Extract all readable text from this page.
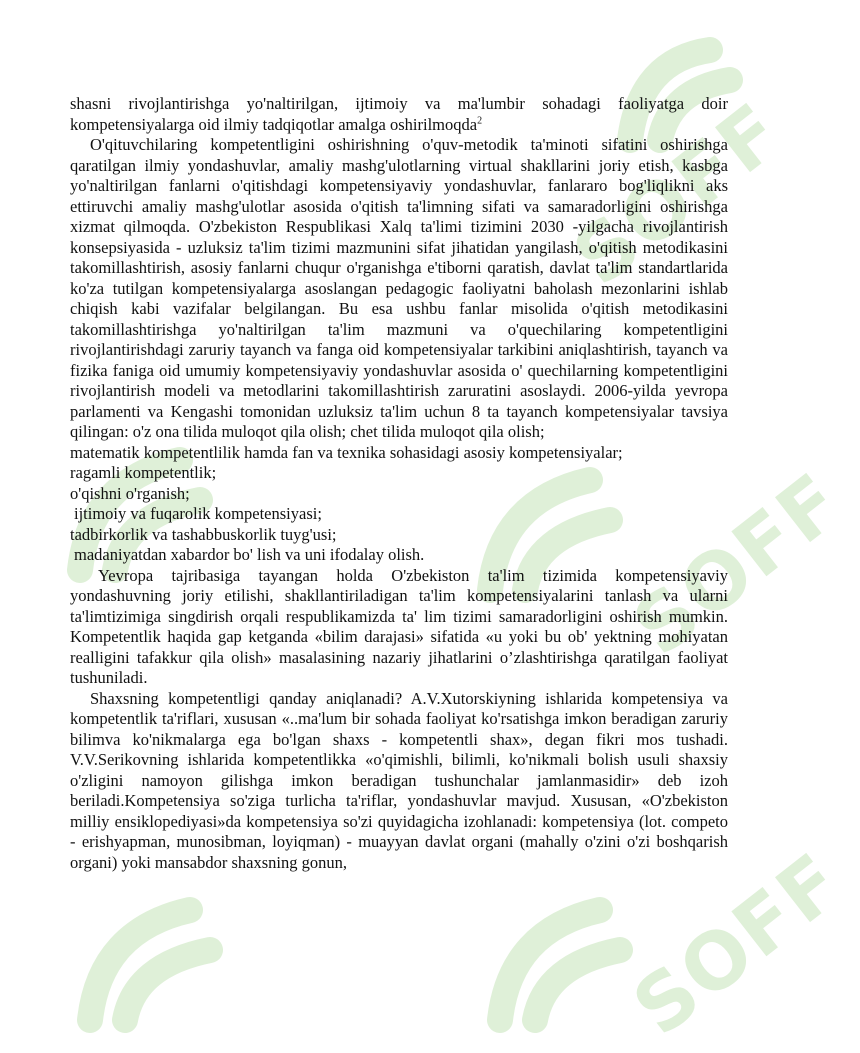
SOFF
SOFF
SOFF

shasni rivojlantirishga yo'naltirilgan, ijtimoiy va ma'lumbir sohadagi faoliyatga doir kompetensiyalarga oid ilmiy tadqiqotlar amalga oshirilmoqda$^2$

O'qituvchilaring kompetentligini oshirishning o'quv-metodik ta'minoti sifatini oshirishga qaratilgan ilmiy yondashuvlar, amaliy mashg'ulotlarning virtual shakllarini joriy etish, kasbga yo'naltirilgan fanlarni o'qitishdagi kompetensiyaviy yondashuvlar, fanlararo bog'liqlikni aks ettiruvchi amaliy mashg'ulotlar asosida o'qitish ta'limning sifati va samaradorligini oshirishga xizmat qilmoqda. O'zbekiston Respublikasi Xalq ta'limi tizimini 2030 -yilgacha rivojlantirish konsepsiyasida - uzluksiz ta'lim tizimi mazmunini sifat jihatidan yangilash, o'qitish metodikasini takomillashtirish, asosiy fanlarni chuqur o'rganishga e'tiborni qaratish, davlat ta'lim standartlarida ko'za tutilgan kompetensiyalarga asoslangan pedagogic faoliyatni baholash mezonlarini ishlab chiqish kabi vazifalar belgilangan. Bu esa ushbu fanlar misolida o'qitish metodikasini takomillashtirishga yo'naltirilgan ta'lim mazmuni va o'quechilaring kompetentligini rivojlantirishdagi zaruriy tayanch va fanga oid kompetensiyalar tarkibini aniqlashtirish, tayanch va fizika faniga oid umumiy kompetensiyaviy yondashuvlar asosida o' quechilarning kompetentligini rivojlantirish modeli va metodlarini takomillashtirish zaruratini asoslaydi. 2006-yilda yevropa parlamenti va Kengashi tomonidan uzluksiz ta'lim uchun 8 ta tayanch kompetensiyalar tavsiya qilingan: o'z ona tilida muloqot qila olish; chet tilida muloqot qila olish;

matematik kompetentlilik hamda fan va texnika sohasidagi asosiy kompetensiyalar;

ragamli kompetentlik;

o'qishni o'rganish;

ijtimoiy va fuqarolik kompetensiyasi;

tadbirkorlik va tashabbuskorlik tuyg'usi;

madaniyatdan xabardor bo' lish va uni ifodalay olish.

Yevropa tajribasiga tayangan holda O'zbekiston ta'lim tizimida kompetensiyaviy yondashuvning joriy etilishi, shakllantiriladigan ta'lim kompetensiyalarini tanlash va ularni ta'limtizimiga singdirish orqali respublikamizda ta' lim tizimi samaradorligini oshirish mumkin. Kompetentlik haqida gap ketganda «bilim darajasi» sifatida «u yoki bu ob' yektning mohiyatan realligini tafakkur qila olish» masalasining nazariy jihatlarini o’zlashtirishga qaratilgan faoliyat tushuniladi.

Shaxsning kompetentligi qanday aniqlanadi? A.V.Xutorskiyning ishlarida kompetensiya va kompetentlik ta'riflari, xususan «..ma'lum bir sohada faoliyat ko'rsatishga imkon beradigan zaruriy bilimva ko'nikmalarga ega bo'lgan shaxs - kompetentli shax», degan fikri mos tushadi. V.V.Serikovning ishlarida kompetentlikka «o'qimishli, bilimli, ko'nikmali bolish usuli shaxsiy o'zligini namoyon gilishga imkon beradigan tushunchalar jamlanmasidir» deb izoh beriladi.Kompetensiya so'ziga turlicha ta'riflar, yondashuvlar mavjud. Xususan, «O'zbekiston milliy ensiklopediyasi»da kompetensiya so'zi quyidagicha izohlanadi: kompetensiya (lot. competo - erishyapman, munosibman, loyiqman) - muayyan davlat organi (mahally o'zini o'zi boshqarish organi) yoki mansabdor shaxsning gonun,
